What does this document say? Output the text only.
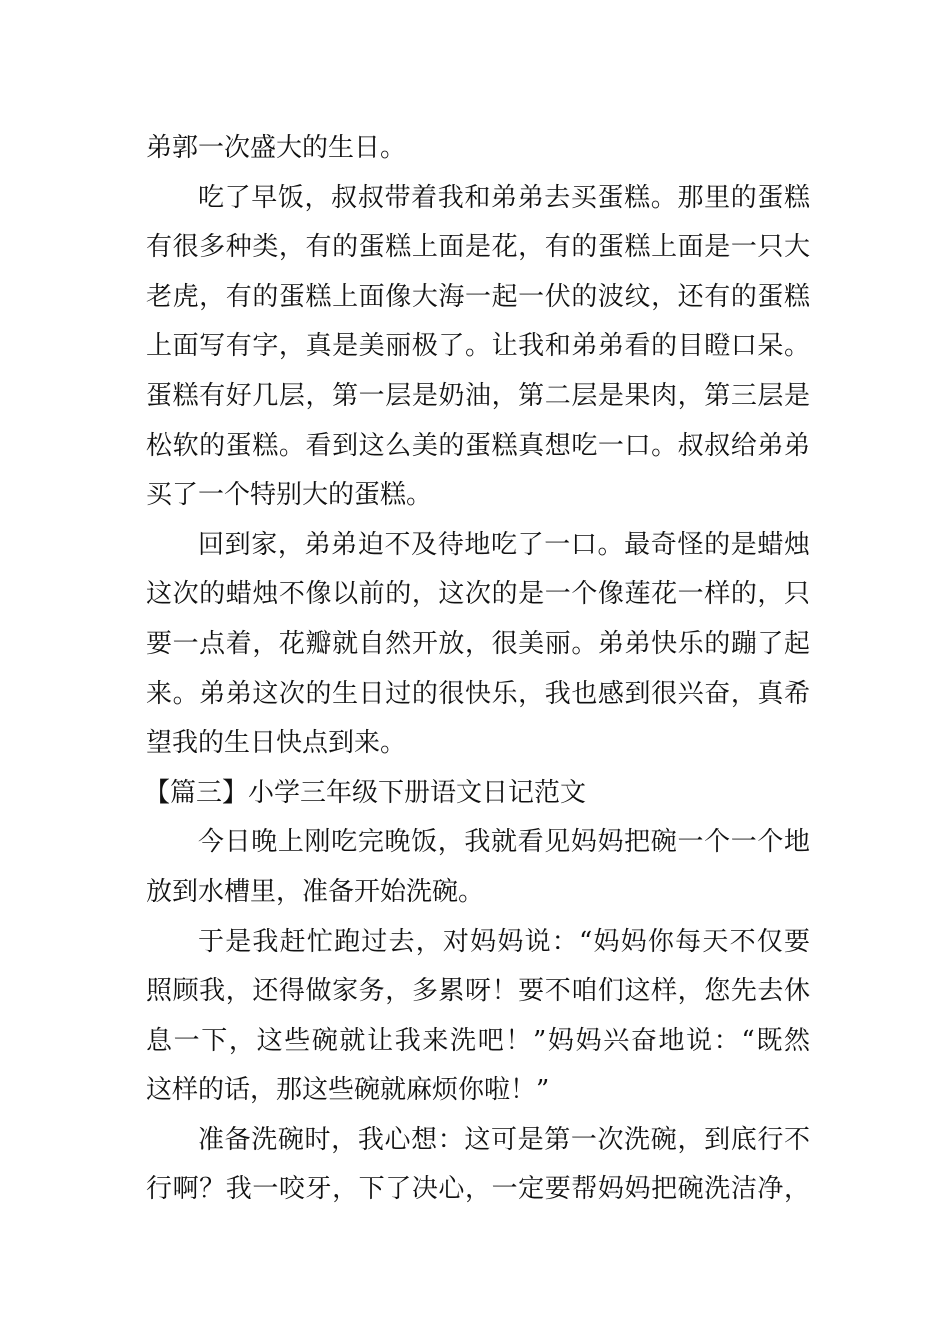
弟郭一次盛大的生日。
吃了早饭，叔叔带着我和弟弟去买蛋糕。那里的蛋糕
有很多种类，有的蛋糕上面是花，有的蛋糕上面是一只大
老虎，有的蛋糕上面像大海一起一伏的波纹，还有的蛋糕
上面写有字，真是美丽极了。让我和弟弟看的目瞪口呆。
蛋糕有好几层，第一层是奶油，第二层是果肉，第三层是
松软的蛋糕。看到这么美的蛋糕真想吃一口。叔叔给弟弟
买了一个特别大的蛋糕。
回到家，弟弟迫不及待地吃了一口。最奇怪的是蜡烛
这次的蜡烛不像以前的，这次的是一个像莲花一样的，只
要一点着，花瓣就自然开放，很美丽。弟弟快乐的蹦了起
来。弟弟这次的生日过的很快乐，我也感到很兴奋，真希
望我的生日快点到来。
【篇三】小学三年级下册语文日记范文
今日晚上刚吃完晚饭，我就看见妈妈把碗一个一个地
放到水槽里，准备开始洗碗。
于是我赶忙跑过去，对妈妈说：“妈妈你每天不仅要
照顾我，还得做家务，多累呀！要不咱们这样，您先去休
息一下，这些碗就让我来洗吧！”妈妈兴奋地说：“既然
这样的话，那这些碗就麻烦你啦！”
准备洗碗时，我心想：这可是第一次洗碗，到底行不
行啊？我一咬牙，下了决心，一定要帮妈妈把碗洗洁净，
